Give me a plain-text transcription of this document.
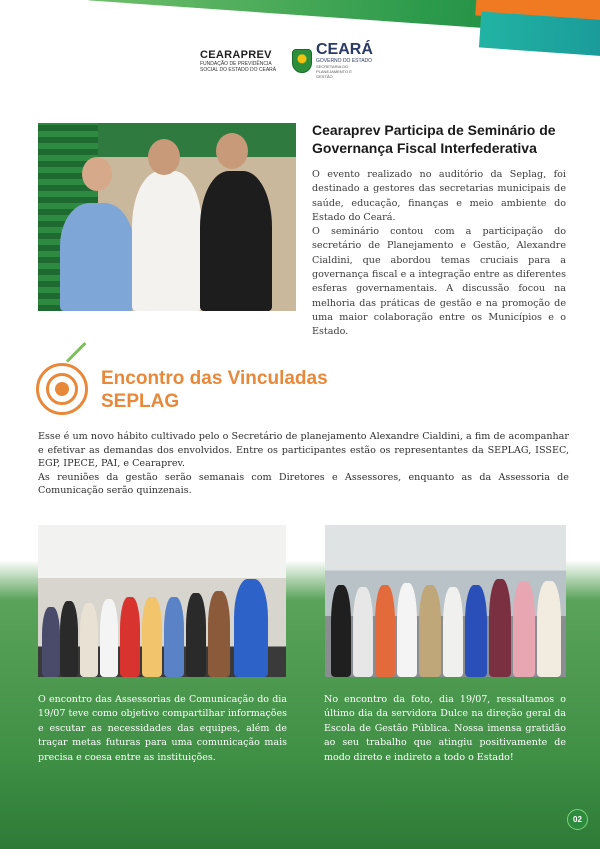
CEARAPREV
FUNDAÇÃO DE PREVIDÊNCIA SOCIAL DO ESTADO DO CEARÁ
CEARÁ
GOVERNO DO ESTADO
SECRETARIA DO PLANEJAMENTO E GESTÃO
Cearaprev Participa de Seminário de Governança Fiscal Interfederativa

O evento realizado no auditório da Seplag, foi destinado a gestores das secretarias municipais de saúde, educação, finanças e meio ambiente do Estado do Ceará.

O seminário contou com a participação do secretário de Planejamento e Gestão, Alexandre Cialdini, que abordou temas cruciais para a governança fiscal e a integração entre as diferentes esferas governamentais. A discussão focou na melhoria das práticas de gestão e na promoção de uma maior colaboração entre os Municípios e o Estado.

Encontro das Vinculadas
SEPLAG

Esse é um novo hábito cultivado pelo o Secretário de planejamento Alexandre Cialdini, a fim de acompanhar e efetivar as demandas dos envolvidos. Entre os participantes estão os representantes da SEPLAG, ISSEC, EGP, IPECE, PAI, e Cearaprev.

As reuniões da gestão serão semanais com Diretores e Assessores, enquanto as da Assessoria de Comunicação serão quinzenais.

O encontro das Assessorias de Comunicação do dia 19/07 teve como objetivo compartilhar informações e escutar as necessidades das equipes, além de traçar metas futuras para uma comunicação mais precisa e coesa entre as instituições.
No encontro da foto, dia 19/07, ressaltamos o último dia da servidora Dulce na direção geral da Escola de Gestão Pública. Nossa imensa gratidão ao seu trabalho que atingiu positivamente de modo direto e indireto a todo o Estado!
02
